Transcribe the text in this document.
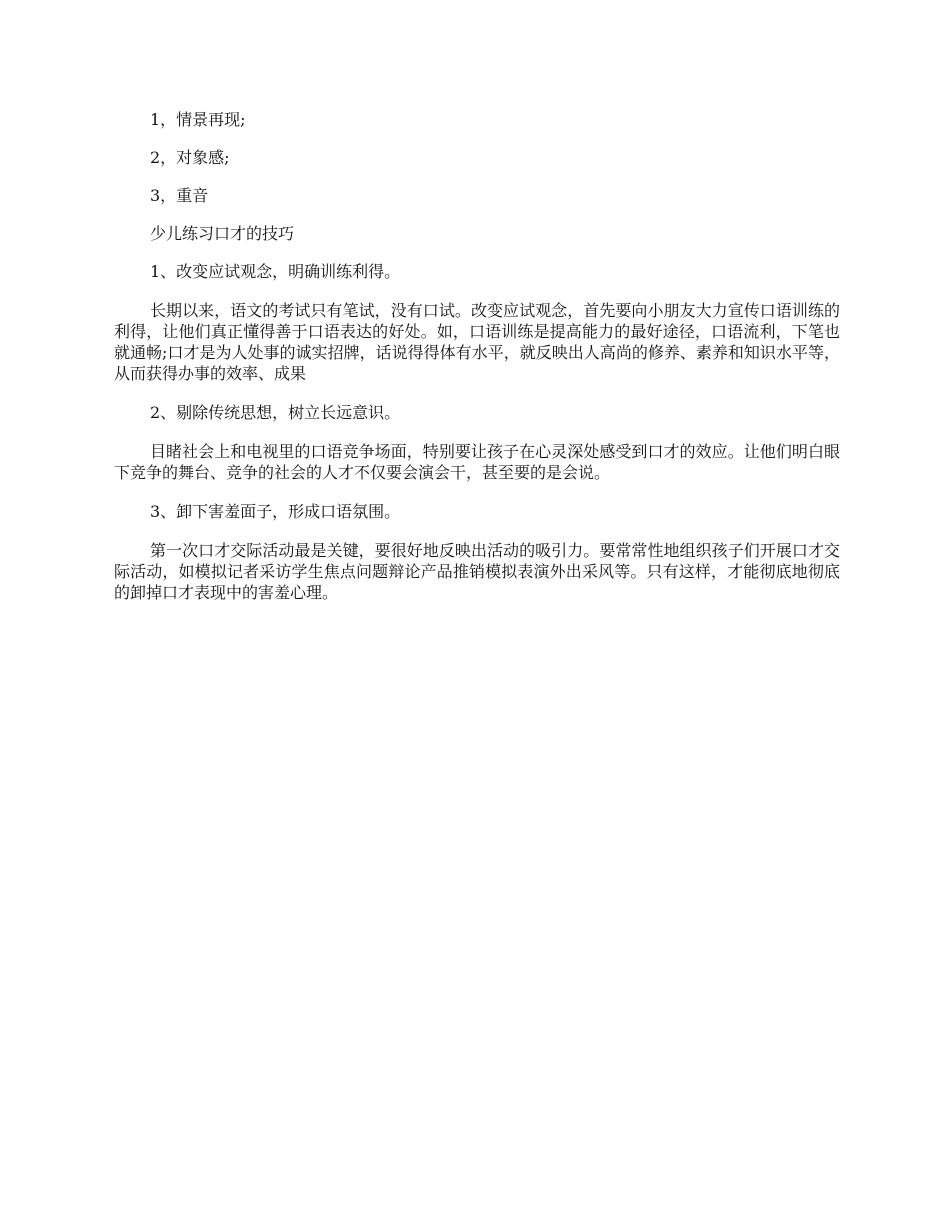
1，情景再现;

2，对象感;

3，重音

少儿练习口才的技巧

1、改变应试观念，明确训练利得。

长期以来，语文的考试只有笔试，没有口试。改变应试观念，首先要向小朋友大力宣传口语训练的利得，让他们真正懂得善于口语表达的好处。如，口语训练是提高能力的最好途径，口语流利，下笔也就通畅;口才是为人处事的诚实招牌，话说得得体有水平，就反映出人高尚的修养、素养和知识水平等，从而获得办事的效率、成果

2、剔除传统思想，树立长远意识。

目睹社会上和电视里的口语竞争场面，特别要让孩子在心灵深处感受到口才的效应。让他们明白眼下竞争的舞台、竞争的社会的人才不仅要会演会干，甚至要的是会说。

3、卸下害羞面子，形成口语氛围。

第一次口才交际活动最是关键，要很好地反映出活动的吸引力。要常常性地组织孩子们开展口才交际活动，如模拟记者采访学生焦点问题辩论产品推销模拟表演外出采风等。只有这样，才能彻底地彻底的卸掉口才表现中的害羞心理。
